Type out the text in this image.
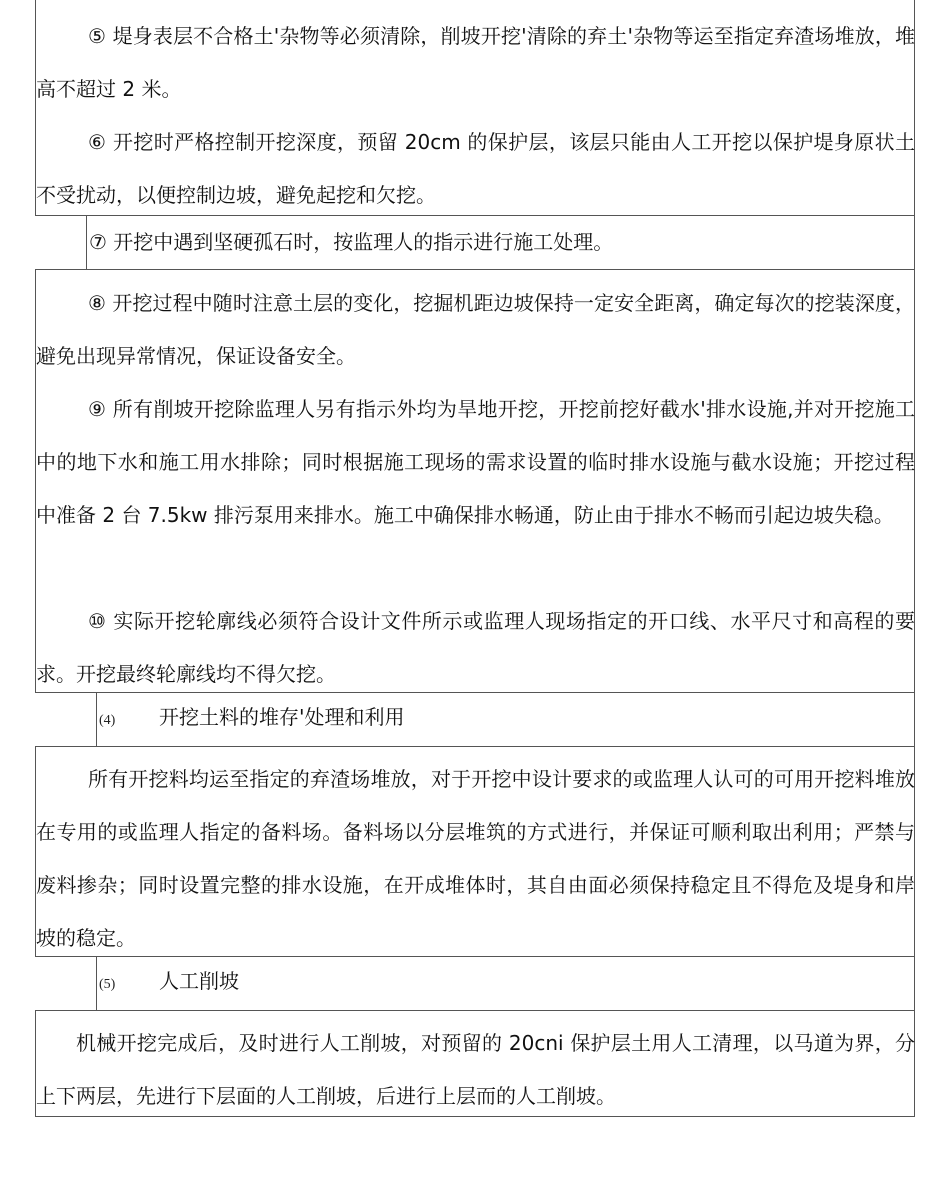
⑤ 堤身表层不合格土'杂物等必须清除，削坡开挖'清除的弃土'杂物等运至指定弃渣场堆放，堆高不超过 2 米。
⑥ 开挖时严格控制开挖深度，预留 20cm 的保护层，该层只能由人工开挖以保护堤身原状土不受扰动，以便控制边坡，避免起挖和欠挖。
⑦ 开挖中遇到坚硬孤石时，按监理人的指示进行施工处理。
⑧ 开挖过程中随时注意土层的变化，挖掘机距边坡保持一定安全距离，确定每次的挖装深度，避免出现异常情况，保证设备安全。
⑨ 所有削坡开挖除监理人另有指示外均为旱地开挖，开挖前挖好截水'排水设施,并对开挖施工中的地下水和施工用水排除；同时根据施工现场的需求设置的临时排水设施与截水设施；开挖过程中准备 2 台 7.5kw 排污泵用来排水。施工中确保排水畅通，防止由于排水不畅而引起边坡失稳。
⑩ 实际开挖轮廓线必须符合设计文件所示或监理人现场指定的开口线、水平尺寸和高程的要求。开挖最终轮廓线均不得欠挖。
(4) 开挖土料的堆存'处理和利用
所有开挖料均运至指定的弃渣场堆放，对于开挖中设计要求的或监理人认可的可用开挖料堆放在专用的或监理人指定的备料场。备料场以分层堆筑的方式进行，并保证可顺利取出利用；严禁与废料掺杂；同时设置完整的排水设施，在开成堆体时，其自由面必须保持稳定且不得危及堤身和岸坡的稳定。
(5) 人工削坡
机械开挖完成后，及时进行人工削坡，对预留的 20cni 保护层土用人工清理，以马道为界，分上下两层，先进行下层面的人工削坡，后进行上层而的人工削坡。
